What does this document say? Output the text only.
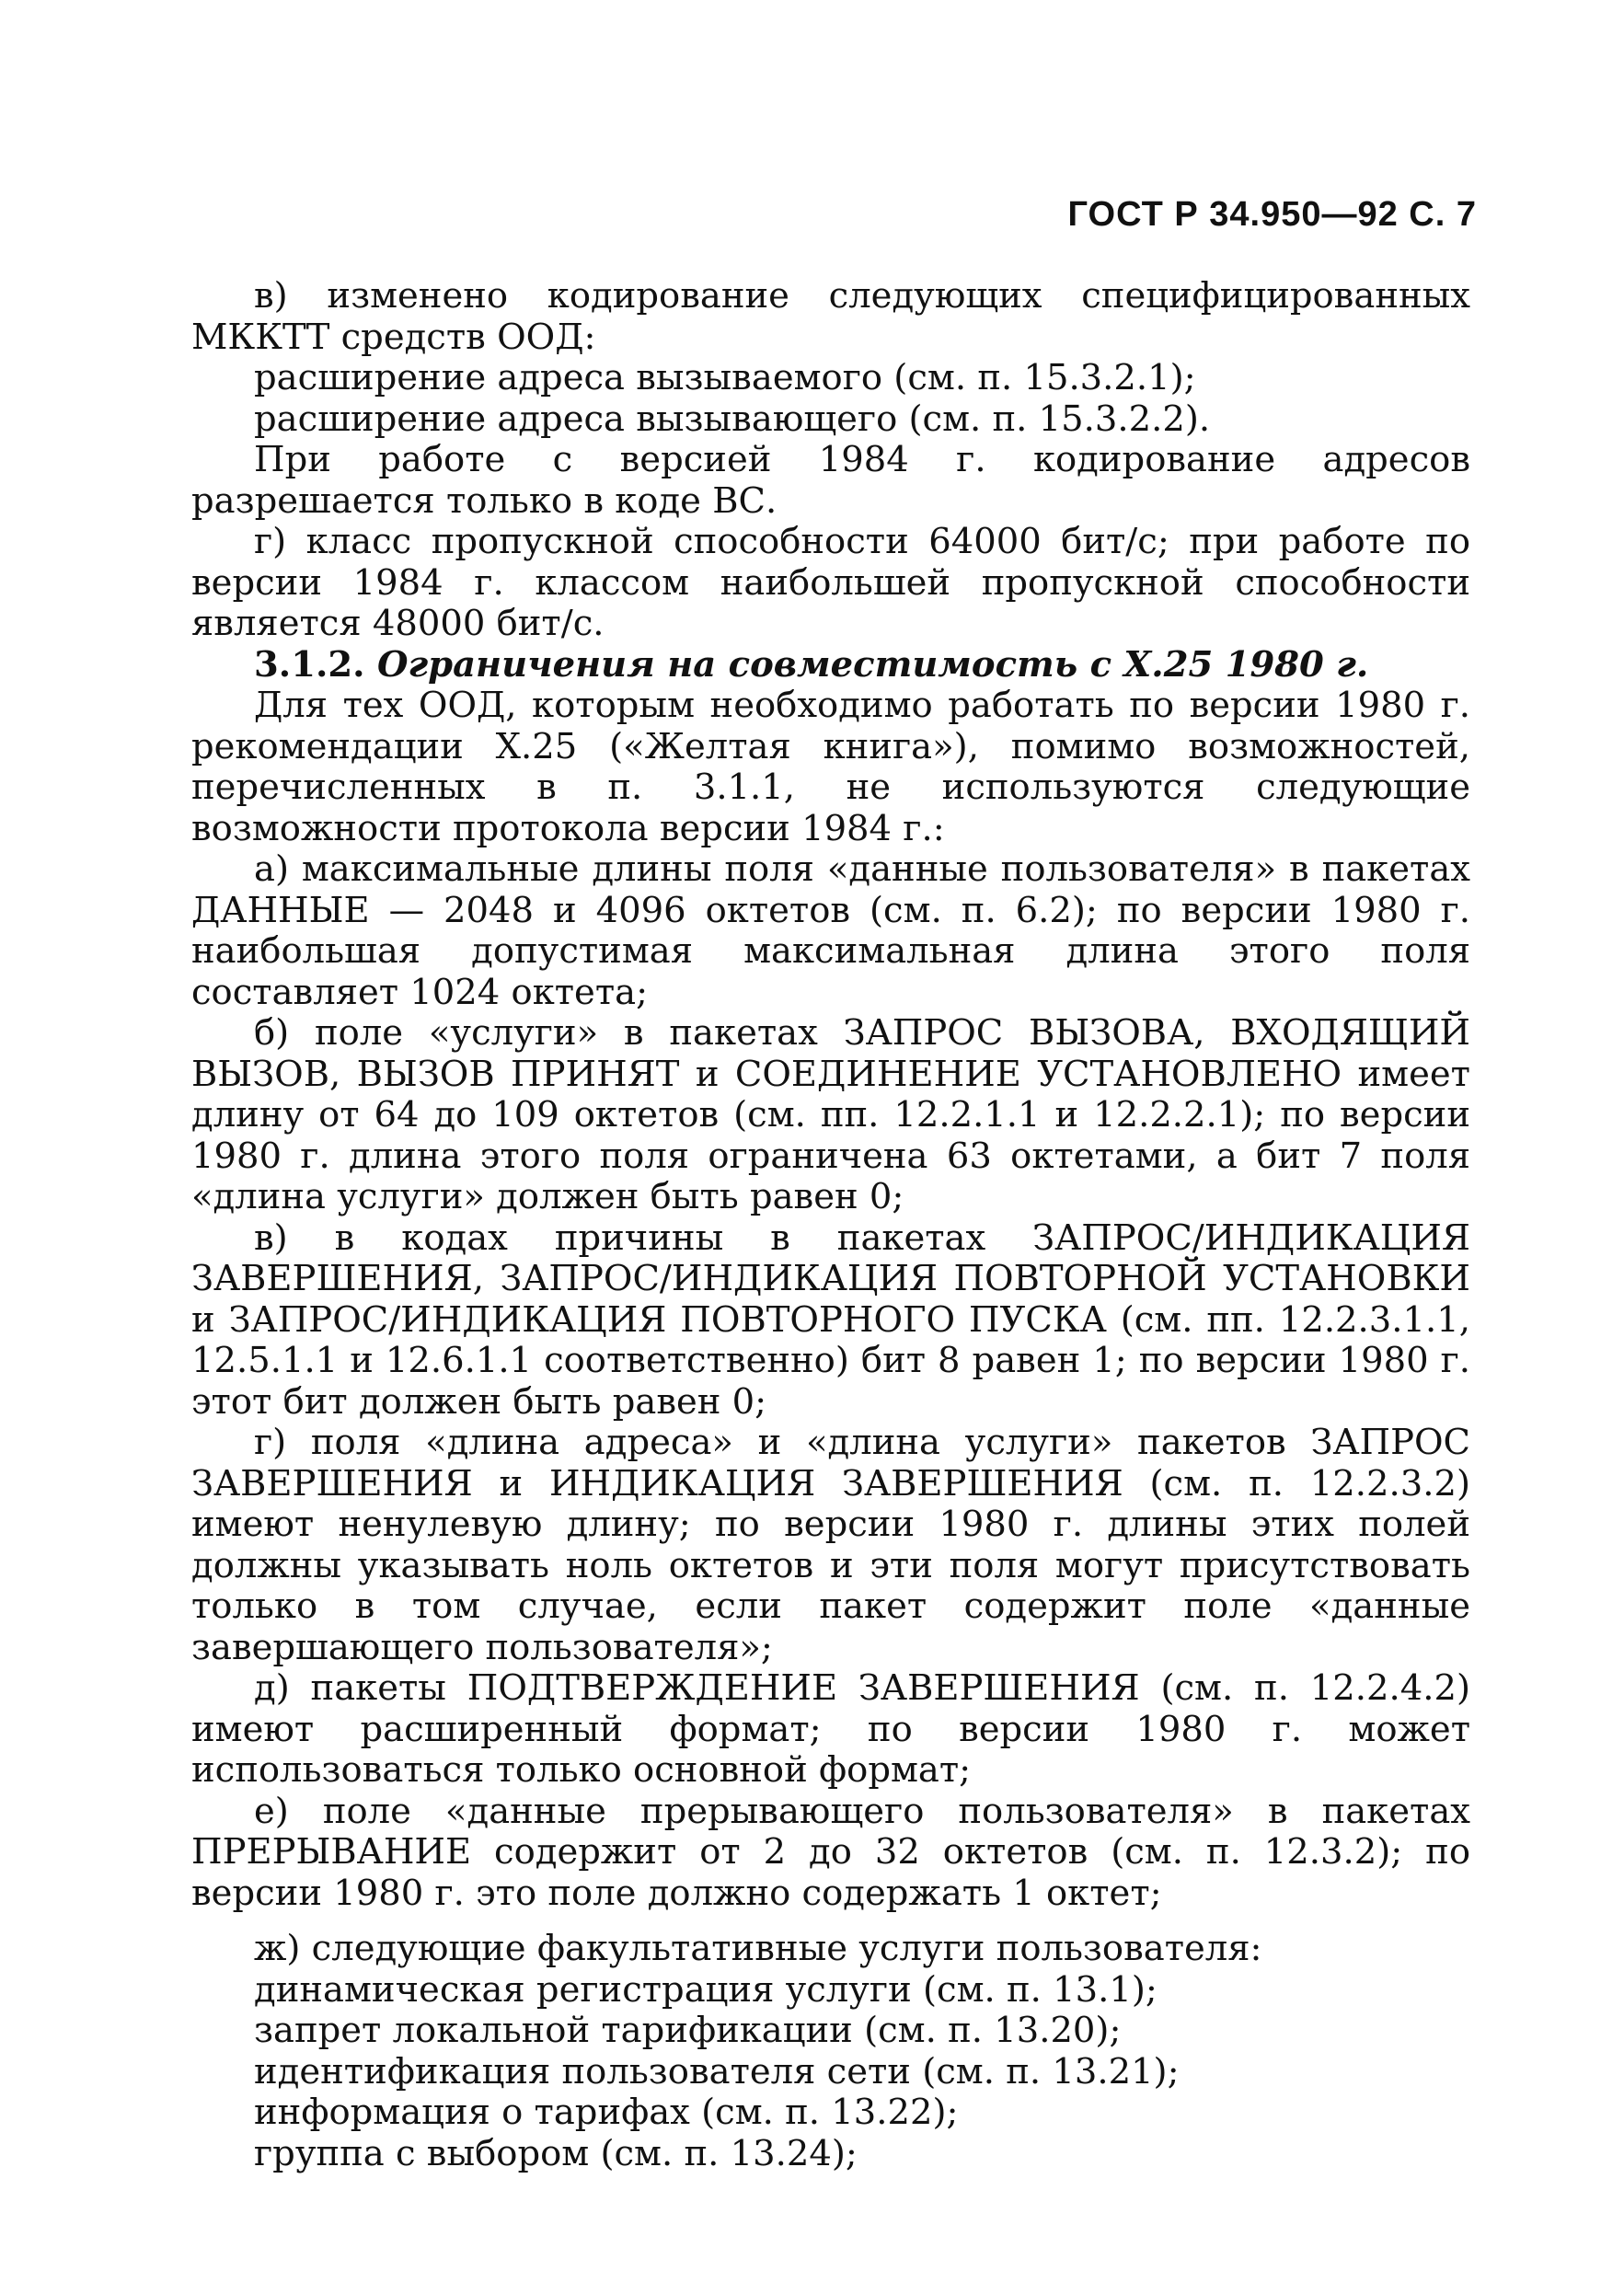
ГОСТ Р 34.950—92 С. 7

в) изменено кодирование следующих специфицированных МККТТ средств ООД:

расширение адреса вызываемого (см. п. 15.3.2.1);

расширение адреса вызывающего (см. п. 15.3.2.2).

При работе с версией 1984 г. кодирование адресов разрешается только в коде ВС.

г) класс пропускной способности 64000 бит/с; при работе по версии 1984 г. классом наибольшей пропускной способности является 48000 бит/с.

3.1.2. Ограничения на совместимость с Х.25 1980 г.

Для тех ООД, которым необходимо работать по версии 1980 г. рекомендации Х.25 («Желтая книга»), помимо возможностей, перечисленных в п. 3.1.1, не используются следующие возможности протокола версии 1984 г.:

а) максимальные длины поля «данные пользователя» в пакетах ДАННЫЕ — 2048 и 4096 октетов (см. п. 6.2); по версии 1980 г. наибольшая допустимая максимальная длина этого поля составляет 1024 октета;

б) поле «услуги» в пакетах ЗАПРОС ВЫЗОВА, ВХОДЯЩИЙ ВЫЗОВ, ВЫЗОВ ПРИНЯТ и СОЕДИНЕНИЕ УСТАНОВЛЕНО имеет длину от 64 до 109 октетов (см. пп. 12.2.1.1 и 12.2.2.1); по версии 1980 г. длина этого поля ограничена 63 октетами, а бит 7 поля «длина услуги» должен быть равен 0;

в) в кодах причины в пакетах ЗАПРОС/ИНДИКАЦИЯ ЗАВЕРШЕНИЯ, ЗАПРОС/ИНДИКАЦИЯ ПОВТОРНОЙ УСТАНОВКИ и ЗАПРОС/ИНДИКАЦИЯ ПОВТОРНОГО ПУСКА (см. пп. 12.2.3.1.1, 12.5.1.1 и 12.6.1.1 соответственно) бит 8 равен 1; по версии 1980 г. этот бит должен быть равен 0;

г) поля «длина адреса» и «длина услуги» пакетов ЗАПРОС ЗАВЕРШЕНИЯ и ИНДИКАЦИЯ ЗАВЕРШЕНИЯ (см. п. 12.2.3.2) имеют ненулевую длину; по версии 1980 г. длины этих полей должны указывать ноль октетов и эти поля могут присутствовать только в том случае, если пакет содержит поле «данные завершающего пользователя»;

д) пакеты ПОДТВЕРЖДЕНИЕ ЗАВЕРШЕНИЯ (см. п. 12.2.4.2) имеют расширенный формат; по версии 1980 г. может использоваться только основной формат;

е) поле «данные прерывающего пользователя» в пакетах ПРЕРЫВАНИЕ содержит от 2 до 32 октетов (см. п. 12.3.2); по версии 1980 г. это поле должно содержать 1 октет;

ж) следующие факультативные услуги пользователя:

динамическая регистрация услуги (см. п. 13.1);

запрет локальной тарификации (см. п. 13.20);

идентификация пользователя сети (см. п. 13.21);

информация о тарифах (см. п. 13.22);

группа с выбором (см. п. 13.24);
